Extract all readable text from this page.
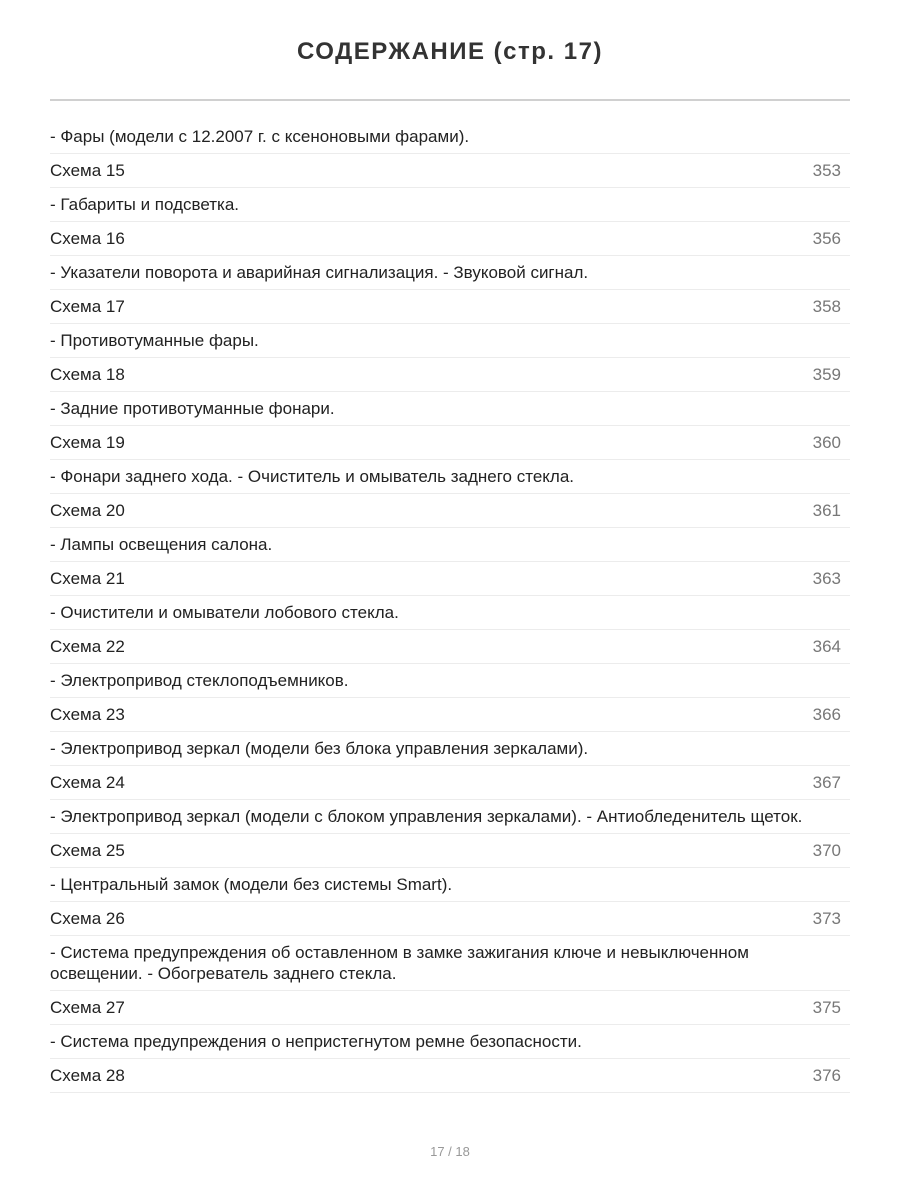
СОДЕРЖАНИЕ (стр. 17)
- Фары (модели с 12.2007 г. с ксеноновыми фарами).
Схема 15	353
- Габариты и подсветка.
Схема 16	356
- Указатели поворота и аварийная сигнализация. - Звуковой сигнал.
Схема 17	358
- Противотуманные фары.
Схема 18	359
- Задние противотуманные фонари.
Схема 19	360
- Фонари заднего хода. - Очиститель и омыватель заднего стекла.
Схема 20	361
- Лампы освещения салона.
Схема 21	363
- Очистители и омыватели лобового стекла.
Схема 22	364
- Электропривод стеклоподъемников.
Схема 23	366
- Электропривод зеркал (модели без блока управления зеркалами).
Схема 24	367
- Электропривод зеркал (модели с блоком управления зеркалами). - Антиобледенитель щеток.
Схема 25	370
- Центральный замок (модели без системы Smart).
Схема 26	373
- Система предупреждения об оставленном в замке зажигания ключе и невыключенном освещении. - Обогреватель заднего стекла.
Схема 27	375
- Система предупреждения о непристегнутом ремне безопасности.
Схема 28	376
17 / 18
